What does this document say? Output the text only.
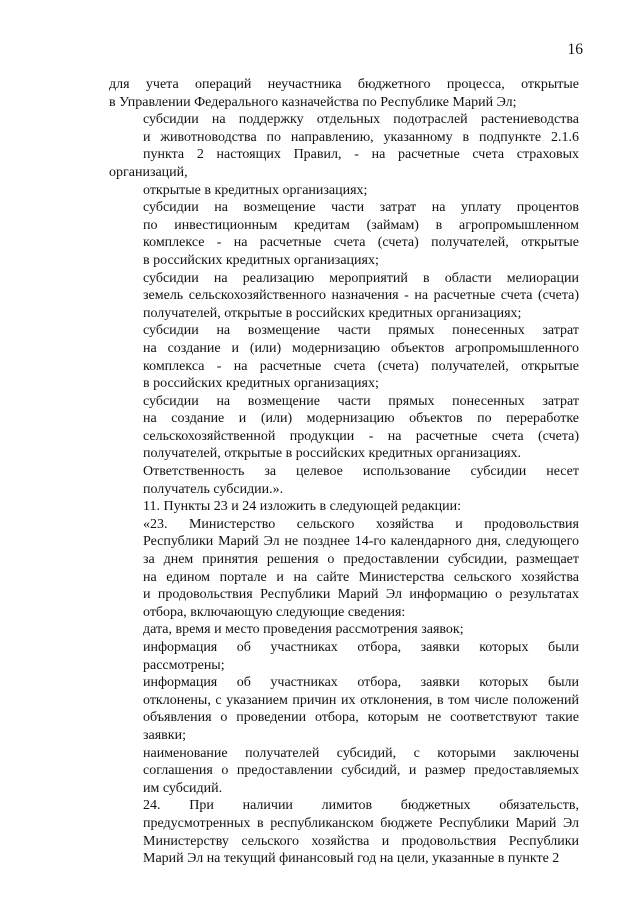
16

для учета операций неучастника бюджетного процесса, открытые
в Управлении Федерального казначейства по Республике Марий Эл;

субсидии на поддержку отдельных подотраслей растениеводства
и животноводства по направлению, указанному в подпункте 2.1.6
пункта 2 настоящих Правил, - на расчетные счета страховых организаций,
открытые в кредитных организациях;

субсидии на возмещение части затрат на уплату процентов
по инвестиционным кредитам (займам) в агропромышленном
комплексе - на расчетные счета (счета) получателей, открытые
в российских кредитных организациях;

субсидии на реализацию мероприятий в области мелиорации
земель сельскохозяйственного назначения - на расчетные счета (счета)
получателей, открытые в российских кредитных организациях;

субсидии на возмещение части прямых понесенных затрат
на создание и (или) модернизацию объектов агропромышленного
комплекса - на расчетные счета (счета) получателей, открытые
в российских кредитных организациях;

субсидии на возмещение части прямых понесенных затрат
на создание и (или) модернизацию объектов по переработке
сельскохозяйственной продукции - на расчетные счета (счета)
получателей, открытые в российских кредитных организациях.

Ответственность за целевое использование субсидии несет
получатель субсидии.».

11. Пункты 23 и 24 изложить в следующей редакции:

«23. Министерство сельского хозяйства и продовольствия
Республики Марий Эл не позднее 14-го календарного дня, следующего
за днем принятия решения о предоставлении субсидии, размещает
на едином портале и на сайте Министерства сельского хозяйства
и продовольствия Республики Марий Эл информацию о результатах
отбора, включающую следующие сведения:

дата, время и место проведения рассмотрения заявок;

информация об участниках отбора, заявки которых были
рассмотрены;

информация об участниках отбора, заявки которых были
отклонены, с указанием причин их отклонения, в том числе положений
объявления о проведении отбора, которым не соответствуют такие
заявки;

наименование получателей субсидий, с которыми заключены
соглашения о предоставлении субсидий, и размер предоставляемых
им субсидий.

24. При наличии лимитов бюджетных обязательств,
предусмотренных в республиканском бюджете Республики Марий Эл
Министерству сельского хозяйства и продовольствия Республики
Марий Эл на текущий финансовый год на цели, указанные в пункте 2
